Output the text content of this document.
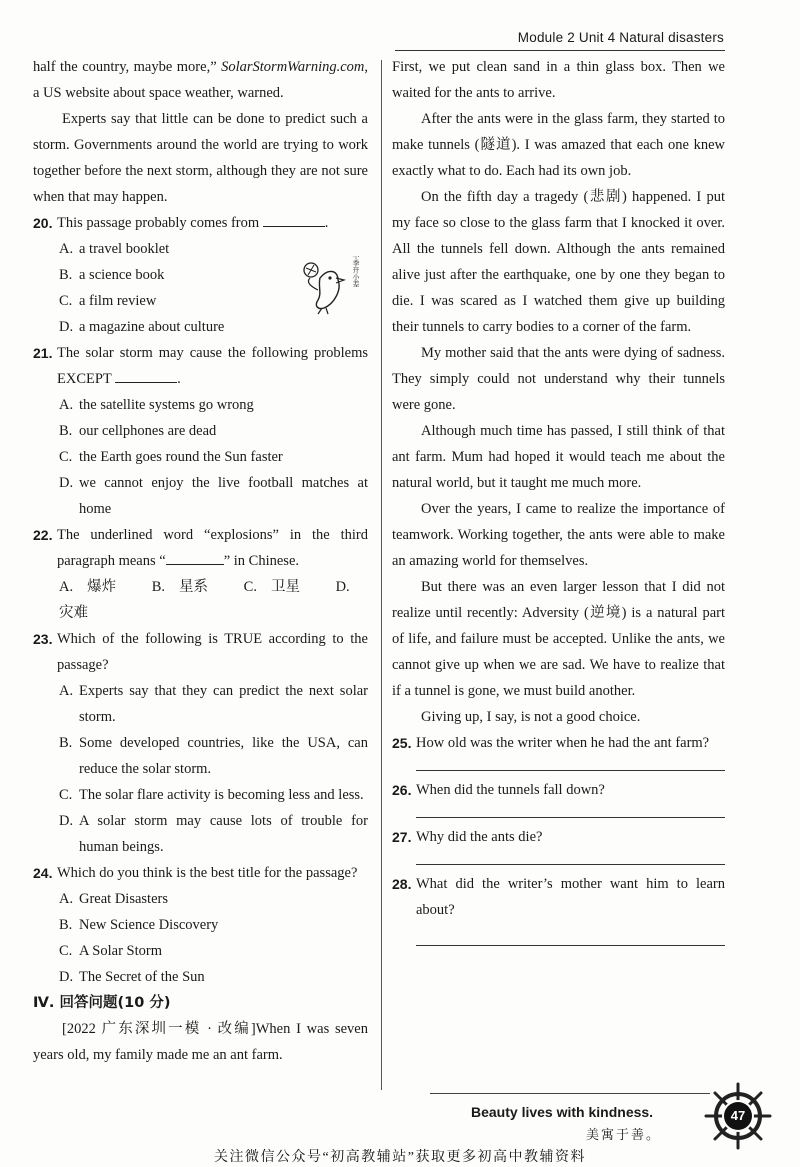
Module 2 Unit 4 Natural disasters

half the country, maybe more,” SolarStormWarning.com, a US website about space weather, warned.

Experts say that little can be done to predict such a storm. Governments around the world are trying to work together before the next storm, although they are not sure when that may happen.

20. This passage probably comes from	.
A. a travel booklet
B. a science book
C. a film review
D. a magazine about culture
21. The solar storm may cause the following problems EXCEPT	.
A. the satellite systems go wrong
B. our cellphones are dead
C. the Earth goes round the Sun faster
D. we cannot enjoy the live football matches at home
22. The underlined word “explosions” in the third paragraph means “	” in Chinese.
A. 爆炸 B. 星系 C. 卫星 D.灾难
23. Which of the following is TRUE according to the passage?
A. Experts say that they can predict the next solar storm.
B. Some developed countries, like the USA, can reduce the solar storm.
C. The solar flare activity is becoming less and less.
D. A solar storm may cause lots of trouble for human beings.
24. Which do you think is the best title for the passage?
A. Great Disasters
B. New Science Discovery
C. A Solar Storm
D. The Secret of the Sun

Ⅳ. 回答问题(10 分)

[2022 广东深圳一模 · 改编]When I was seven years old, my family made me an ant farm.

不季开小差

First, we put clean sand in a thin glass box. Then we waited for the ants to arrive.

After the ants were in the glass farm, they started to make tunnels (隧道). I was amazed that each one knew exactly what to do. Each had its own job.

On the fifth day a tragedy (悲剧) happened. I put my face so close to the glass farm that I knocked it over. All the tunnels fell down. Although the ants remained alive just after the earthquake, one by one they began to die. I was scared as I watched them give up building their tunnels to carry bodies to a corner of the farm.

My mother said that the ants were dying of sadness. They simply could not understand why their tunnels were gone.

Although much time has passed, I still think of that ant farm. Mum had hoped it would teach me about the natural world, but it taught me much more.

Over the years, I came to realize the importance of teamwork. Working together, the ants were able to make an amazing world for themselves.

But there was an even larger lesson that I did not realize until recently: Adversity (逆境) is a natural part of life, and failure must be accepted. Unlike the ants, we cannot give up when we are sad. We have to realize that if a tunnel is gone, we must build another.

Giving up, I say, is not a good choice.

25. How old was the writer when he had the ant farm?
26. When did the tunnels fall down?
27. Why did the ants die?
28. What did the writer’s mother want him to learn about?
Beauty lives with kindness.
美寓于善。
47
关注微信公众号“初高教辅站”获取更多初高中教辅资料
